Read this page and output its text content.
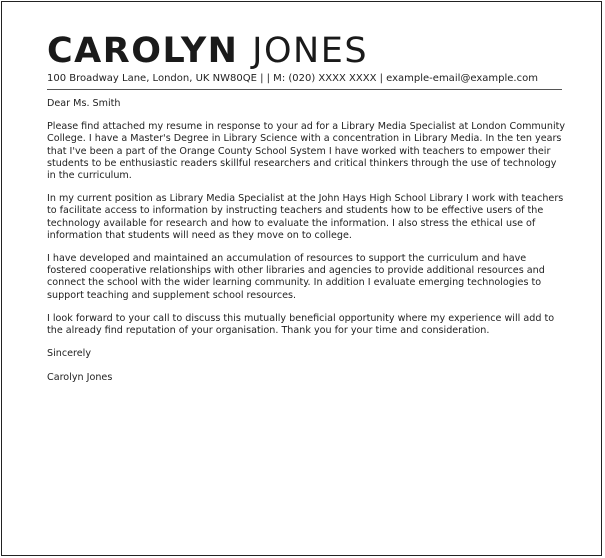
CAROLYN JONES
100 Broadway Lane, London, UK NW80QE | | M: (020) XXXX XXXX | example-email@example.com
Dear Ms. Smith
Please find attached my resume in response to your ad for a Library Media Specialist at London Community College. I have a Master's Degree in Library Science with a concentration in Library Media. In the ten years that I've been a part of the Orange County School System I have worked with teachers to empower their students to be enthusiastic readers skillful researchers and critical thinkers through the use of technology in the curriculum.
In my current position as Library Media Specialist at the John Hays High School Library I work with teachers to facilitate access to information by instructing teachers and students how to be effective users of the technology available for research and how to evaluate the information. I also stress the ethical use of information that students will need as they move on to college.
I have developed and maintained an accumulation of resources to support the curriculum and have fostered cooperative relationships with other libraries and agencies to provide additional resources and connect the school with the wider learning community. In addition I evaluate emerging technologies to support teaching and supplement school resources.
I look forward to your call to discuss this mutually beneficial opportunity where my experience will add to the already find reputation of your organisation. Thank you for your time and consideration.
Sincerely
Carolyn Jones
